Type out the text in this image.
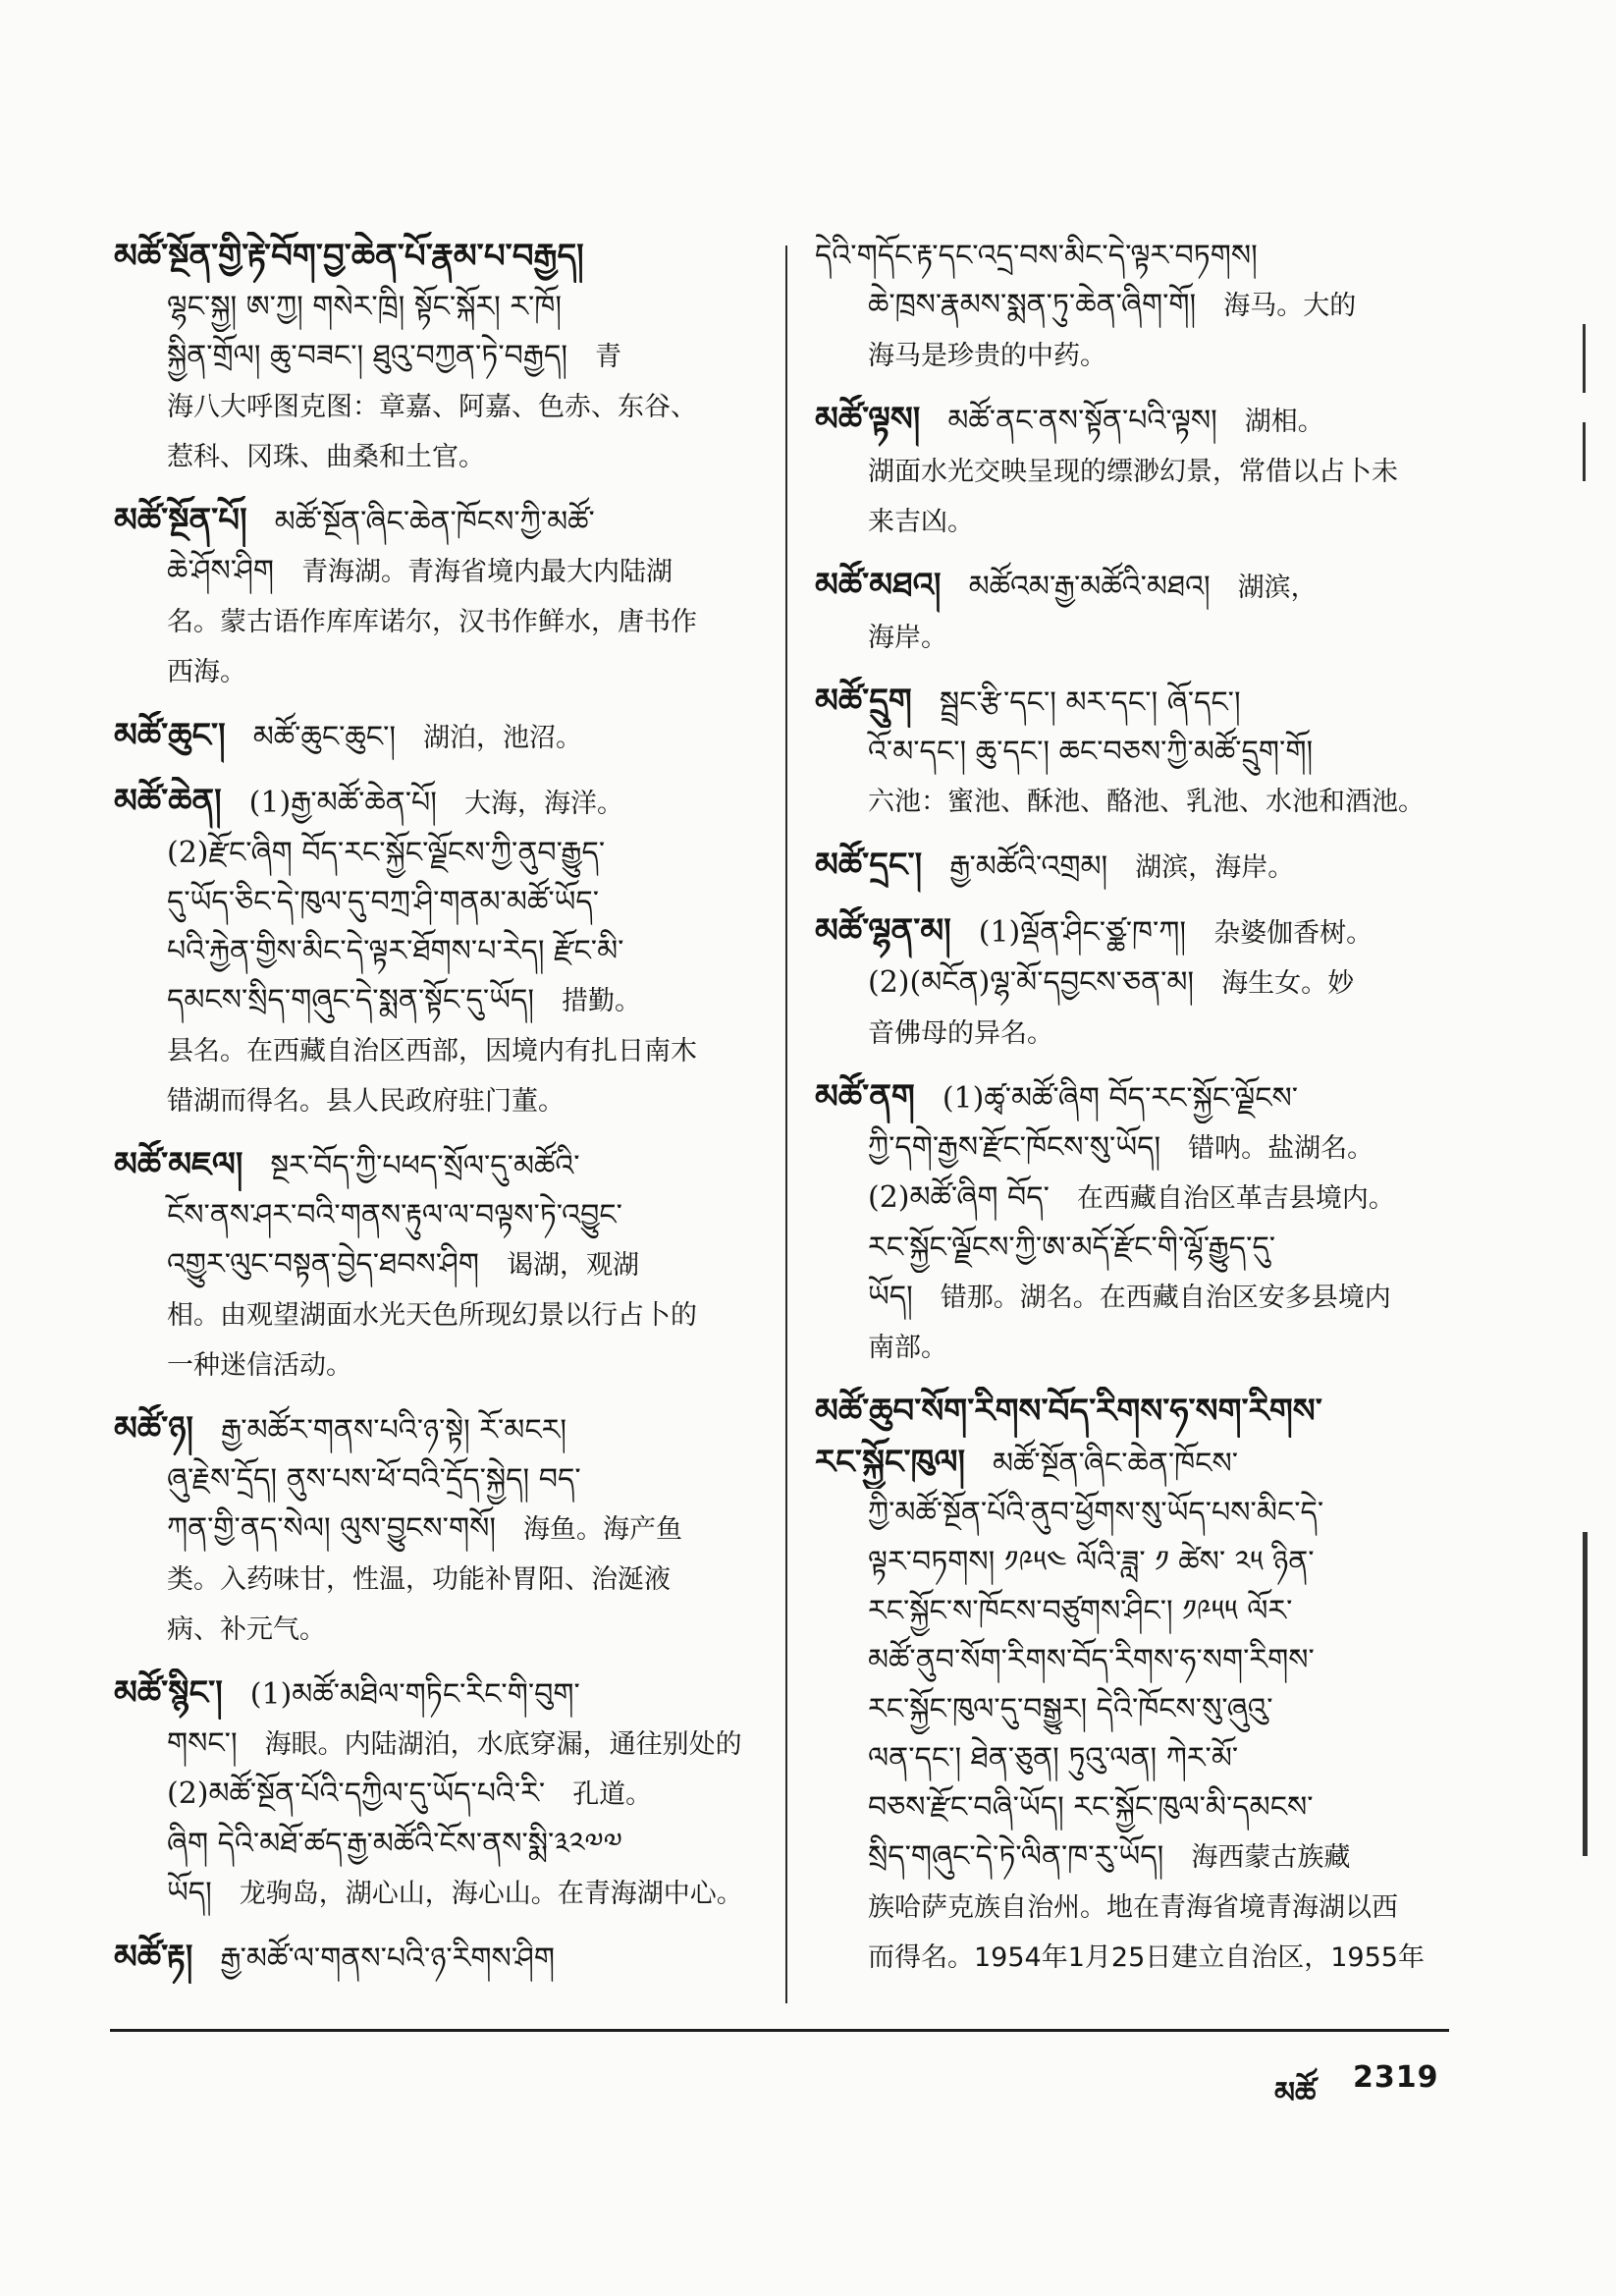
མཚོ་སྔོན་གྱི་རྟེ་བོག་བྱ་ཆེན་པོ་རྣམ་པ་བརྒྱད།

ལྷང་སྐྱ། ཨ་ཀྱ། གསེར་ཁྲི། སྟོང་སྐོར། ར་ཁོ།

སྐྱིན་གྲོལ། ཆུ་བཟང་། ཐུའུ་བཀྱན་ཏེ་བརྒྱད། 青

海八大呼图克图：章嘉、阿嘉、色赤、东谷、

惹科、冈珠、曲桑和土官。

མཚོ་སྔོན་པོ། མཚོ་སྔོན་ཞིང་ཆེན་ཁོངས་ཀྱི་མཚོ་

ཆེ་ཤོས་ཤིག 青海湖。青海省境内最大内陆湖

名。蒙古语作库库诺尔，汉书作鲜水，唐书作

西海。

མཚོ་ཆུང་། མཚོ་ཆུང་ཆུང་། 湖泊，池沼。

མཚོ་ཆེན། (1)རྒྱ་མཚོ་ཆེན་པོ། 大海，海洋。

(2)རྫོང་ཞིག བོད་རང་སྐྱོང་ལྗོངས་ཀྱི་ནུབ་རྒྱུད་

དུ་ཡོད་ཅིང་དེ་ཁུལ་དུ་བཀྲ་ཤི་གནམ་མཚོ་ཡོད་

པའི་རྐྱེན་གྱིས་མིང་དེ་ལྟར་ཐོགས་པ་རེད། རྫོང་མི་

དམངས་སྲིད་གཞུང་དེ་སྨན་སྟོང་དུ་ཡོད། 措勤。

县名。在西藏自治区西部，因境内有扎日南木

错湖而得名。县人民政府驻门董。

མཚོ་མཇལ། སྔར་བོད་ཀྱི་པཕད་སྲོལ་དུ་མཚོའི་

ངོས་ནས་ཤར་བའི་གནས་རྟུལ་ལ་བལྟས་ཏེ་འབྱུང་

འགྱུར་ལུང་བསྟན་བྱེད་ཐབས་ཤིག 谒湖，观湖

相。由观望湖面水光天色所现幻景以行占卜的

一种迷信活动。

མཚོ་ཉ། རྒྱ་མཚོར་གནས་པའི་ཉ་སྟེ། རོ་མངར།

ཞུ་རྗེས་དྲོད། ནུས་པས་ཕོ་བའི་དྲོད་སྐྱེད། བད་

ཀན་གྱི་ནད་སེལ། ལུས་བྱུངས་གསོ། 海鱼。海产鱼

类。入药味甘，性温，功能补胃阳、治涎液

病、补元气。

མཚོ་སྙིང་། (1)མཚོ་མཐིལ་གཏིང་རིང་གི་བུག་

གསང་། 海眼。内陆湖泊，水底穿漏，通往别处的

(2)མཚོ་སྔོན་པོའི་དཀྱིལ་དུ་ཡོད་པའི་རི་ 孔道。

ཞིག དེའི་མཐོ་ཚད་རྒྱ་མཚོའི་ངོས་ནས་སྨི་༣༢༧༧

ཡོད། 龙驹岛，湖心山，海心山。在青海湖中心。

མཚོ་རྟ། རྒྱ་མཚོ་ལ་གནས་པའི་ཉ་རིགས་ཤིག

དེའི་གདོང་རྟ་དང་འདྲ་བས་མིང་དེ་ལྟར་བཏགས།

ཆེ་ཁྲས་རྣམས་སྨན་ཏུ་ཆེན་ཞིག་གོ། 海马。大的

海马是珍贵的中药。

མཚོ་ལྟས། མཚོ་ནང་ནས་སྟོན་པའི་ལྟས། 湖相。

湖面水光交映呈现的缥渺幻景，常借以占卜未

来吉凶。

མཚོ་མཐའ། མཚོའམ་རྒྱ་མཚོའི་མཐའ། 湖滨，

海岸。

མཚོ་དྲུག སྦྲང་རྩི་དང་། མར་དང་། ཞོ་དང་།

འོ་མ་དང་། ཆུ་དང་། ཆང་བཅས་ཀྱི་མཚོ་དྲུག་གོ།

六池：蜜池、酥池、酪池、乳池、水池和酒池。

མཚོ་དྲང་། རྒྱ་མཚོའི་འགྲམ། 湖滨，海岸。

མཚོ་ལྷན་མ། (1)ལྡོན་ཤིང་ཙྪ་ཁ་ཀ། 杂婆伽香树。

(2)(མངོན)ལྷ་མོ་དབྱངས་ཅན་མ། 海生女。妙

音佛母的异名。

མཚོ་ནག (1)ཚྭ་མཚོ་ཞིག བོད་རང་སྐྱོང་ལྗོངས་

ཀྱི་དགེ་རྒྱས་རྫོང་ཁོངས་སུ་ཡོད། 错呐。盐湖名。

(2)མཚོ་ཞིག བོད་ 在西藏自治区革吉县境内。

རང་སྐྱོང་ལྗོངས་ཀྱི་ཨ་མདོ་རྫོང་གི་ལྷོ་རྒྱུད་དུ་

ཡོད། 错那。湖名。在西藏自治区安多县境内

南部。

མཚོ་ཆུབ་སོག་རིགས་བོད་རིགས་ཧ་སག་རིགས་

རང་སྐྱོང་ཁུལ། མཚོ་སྔོན་ཞིང་ཆེན་ཁོངས་

ཀྱི་མཚོ་སྔོན་པོའི་ནུབ་ཕྱོགས་སུ་ཡོད་པས་མིང་དེ་

ལྟར་བཏགས། ༡༩༥༤ ལོའི་ཟླ་ ༡ ཚེས་ ༢༥ ཉིན་

རང་སྐྱོང་ས་ཁོངས་བཙུགས་ཤིང་། ༡༩༥༥ ལོར་

མཚོ་ནུབ་སོག་རིགས་བོད་རིགས་ཧ་སག་རིགས་

རང་སྐྱོང་ཁུལ་དུ་བསྒྱུར། དེའི་ཁོངས་སུ་ཞུའུ་

ལན་དང་། ཐེན་ཅུན། ཏུའུ་ལན། ཀེར་མོ་

བཅས་རྫོང་བཞི་ཡོད། རང་སྐྱོང་ཁུལ་མི་དམངས་

སྲིད་གཞུང་དེ་ཏེ་ལིན་ཁ་རུ་ཡོད། 海西蒙古族藏

族哈萨克族自治州。地在青海省境青海湖以西

而得名。1954年1月25日建立自治区，1955年

མཚོ 2319
